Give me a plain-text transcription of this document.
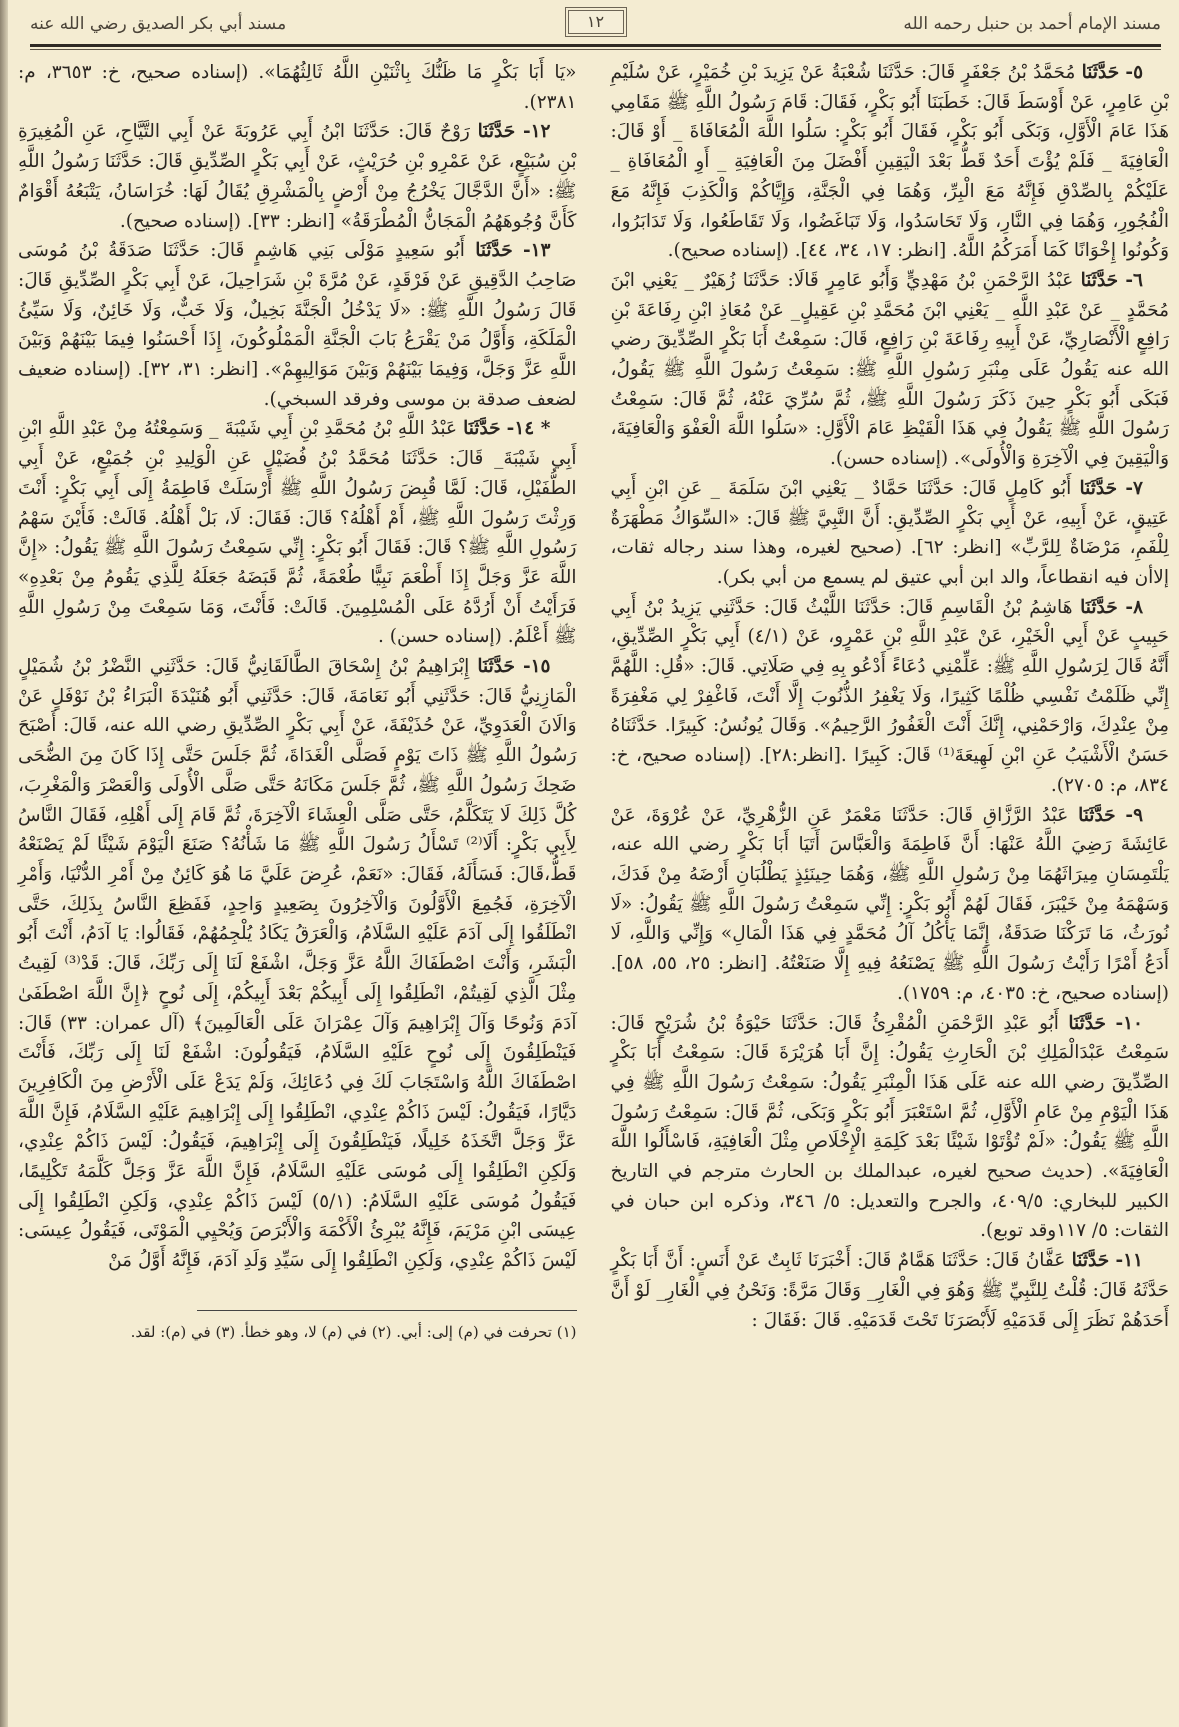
مسند الإمام أحمد بن حنبل رحمه الله
١٢
مسند أبي بكر الصديق رضي الله عنه

٥- حَدَّثَنَا مُحَمَّدُ بْنُ جَعْفَرٍ قَالَ: حَدَّثَنَا شُعْبَةُ عَنْ يَزِيدَ بْنِ خُمَيْرٍ، عَنْ سُلَيْمِ بْنِ عَامِرٍ، عَنْ أَوْسَطَ قَالَ: خَطَبَنَا أَبُو بَكْرٍ، فَقَالَ: قَامَ رَسُولُ اللَّهِ ﷺ مَقَامِي هَذَا عَامَ الْأَوَّلِ، وَبَكَى أَبُو بَكْرٍ، فَقَالَ أَبُو بَكْرٍ: سَلُوا اللَّهَ الْمُعَافَاةَ _ أَوْ قَالَ: الْعَافِيَةَ _ فَلَمْ يُؤْتَ أَحَدٌ قَطُّ بَعْدَ الْيَقِينِ أَفْضَلَ مِنَ الْعَافِيَةِ _ أَوِ الْمُعَافَاةِ _ عَلَيْكُمْ بِالصِّدْقِ فَإِنَّهُ مَعَ الْبِرِّ، وَهُمَا فِي الْجَنَّةِ، وَإِيَّاكُمْ وَالْكَذِبَ فَإِنَّهُ مَعَ الْفُجُورِ، وَهُمَا فِي النَّارِ، وَلَا تَحَاسَدُوا، وَلَا تَبَاغَضُوا، وَلَا تَقَاطَعُوا، وَلَا تَدَابَرُوا، وَكُونُوا إِخْوَانًا كَمَا أَمَرَكُمُ اللَّهُ. [انظر: ١٧، ٣٤، ٤٤]. (إسناده صحيح).

٦- حَدَّثَنَا عَبْدُ الرَّحْمَنِ بْنُ مَهْدِيٍّ وَأَبُو عَامِرٍ قَالَا: حَدَّثَنَا زُهَيْرٌ _ يَعْنِي ابْنَ مُحَمَّدٍ _ عَنْ عَبْدِ اللَّهِ _ يَعْنِي ابْنَ مُحَمَّدِ بْنِ عَقِيلٍ_ عَنْ مُعَاذِ ابْنِ رِفَاعَةَ بْنِ رَافِعٍ الْأَنْصَارِيِّ، عَنْ أَبِيهِ رِفَاعَةَ بْنِ رَافِعٍ، قَالَ: سَمِعْتُ أَبَا بَكْرٍ الصِّدِّيقَ رضي الله عنه يَقُولُ عَلَى مِنْبَرِ رَسُولِ اللَّهِ ﷺ: سَمِعْتُ رَسُولَ اللَّهِ ﷺ يَقُولُ، فَبَكَى أَبُو بَكْرٍ حِينَ ذَكَرَ رَسُولَ اللَّهِ ﷺ، ثُمَّ سُرِّيَ عَنْهُ، ثُمَّ قَالَ: سَمِعْتُ رَسُولَ اللَّهِ ﷺ يَقُولُ فِي هَذَا الْقَيْظِ عَامَ الْأَوَّلِ: «سَلُوا اللَّهَ الْعَفْوَ وَالْعَافِيَةَ، وَالْيَقِينَ فِي الْآخِرَةِ وَالْأُولَى». (إسناده حسن).

٧- حَدَّثَنَا أَبُو كَامِلٍ قَالَ: حَدَّثَنَا حَمَّادٌ _ يَعْنِي ابْنَ سَلَمَةَ _ عَنِ ابْنِ أَبِي عَتِيقٍ، عَنْ أَبِيهِ، عَنْ أَبِي بَكْرٍ الصِّدِّيقِ: أَنَّ النَّبِيَّ ﷺ قَالَ: «السِّوَاكُ مَطْهَرَةٌ لِلْفَمِ، مَرْضَاةٌ لِلرَّبِّ» [انظر: ٦٢]. (صحيح لغيره، وهذا سند رجاله ثقات، إلاأن فيه انقطاعاً، والد ابن أبي عتيق لم يسمع من أبي بكر).

٨- حَدَّثَنَا هَاشِمُ بْنُ الْقَاسِمِ قَالَ: حَدَّثَنَا اللَّيْثُ قَالَ: حَدَّثَنِي يَزِيدُ بْنُ أَبِي حَبِيبٍ عَنْ أَبِي الْخَيْرِ، عَنْ عَبْدِ اللَّهِ بْنِ عَمْرٍو، عَنْ (٤/١) أَبِي بَكْرٍ الصِّدِّيقِ، أَنَّهُ قَالَ لِرَسُولِ اللَّهِ ﷺ: عَلِّمْنِي دُعَاءً أَدْعُو بِهِ فِي صَلَاتِي. قَالَ: «قُلِ: اللَّهُمَّ إِنِّي ظَلَمْتُ نَفْسِي ظُلْمًا كَثِيرًا، وَلَا يَغْفِرُ الذُّنُوبَ إِلَّا أَنْتَ، فَاغْفِرْ لِي مَغْفِرَةً مِنْ عِنْدِكَ، وَارْحَمْنِي، إِنَّكَ أَنْتَ الْغَفُورُ الرَّحِيمُ». وَقَالَ يُونُسُ: كَبِيرًا. حَدَّثَنَاهُ حَسَنٌ الْأَشْيَبُ عَنِ ابْنِ لَهِيعَةَ⁽¹⁾ قَالَ: كَبِيرًا .[انظر:٢٨]. (إسناده صحيح، خ: ٨٣٤، م: ٢٧٠٥).

٩- حَدَّثَنَا عَبْدُ الرَّزَّاقِ قَالَ: حَدَّثَنَا مَعْمَرٌ عَنِ الزُّهْرِيِّ، عَنْ عُرْوَةَ، عَنْ عَائِشَةَ رَضِيَ اللَّهُ عَنْهَا: أَنَّ فَاطِمَةَ وَالْعَبَّاسَ أَتَيَا أَبَا بَكْرٍ رضي الله عنه، يَلْتَمِسَانِ مِيرَاثَهُمَا مِنْ رَسُولِ اللَّهِ ﷺ، وَهُمَا حِينَئِذٍ يَطْلُبَانِ أَرْضَهُ مِنْ فَدَكَ، وَسَهْمَهُ مِنْ خَيْبَرَ، فَقَالَ لَهُمْ أَبُو بَكْرٍ: إِنِّي سَمِعْتُ رَسُولَ اللَّهِ ﷺ يَقُولُ: «لَا نُورَثُ، مَا تَرَكْنَا صَدَقَةٌ، إِنَّمَا يَأْكُلُ آلُ مُحَمَّدٍ فِي هَذَا الْمَالِ» وَإِنِّي وَاللَّهِ، لَا أَدَعُ أَمْرًا رَأَيْتُ رَسُولَ اللَّهِ ﷺ يَصْنَعُهُ فِيهِ إِلَّا صَنَعْتُهُ. [انظر: ٢٥، ٥٥، ٥٨]. (إسناده صحيح، خ: ٤٠٣٥، م: ١٧٥٩).

١٠- حَدَّثَنَا أَبُو عَبْدِ الرَّحْمَنِ الْمُقْرِئُ قَالَ: حَدَّثَنَا حَيْوَةُ بْنُ شُرَيْحٍ قَالَ: سَمِعْتُ عَبْدَالْمَلِكِ بْنَ الْحَارِثِ يَقُولُ: إِنَّ أَبَا هُرَيْرَةَ قَالَ: سَمِعْتُ أَبَا بَكْرٍ الصِّدِّيقَ رضي الله عنه عَلَى هَذَا الْمِنْبَرِ يَقُولُ: سَمِعْتُ رَسُولَ اللَّهِ ﷺ فِي هَذَا الْيَوْمِ مِنْ عَامِ الْأَوَّلِ، ثُمَّ اسْتَعْبَرَ أَبُو بَكْرٍ وَبَكَى، ثُمَّ قَالَ: سَمِعْتُ رَسُولَ اللَّهِ ﷺ يَقُولُ: «لَمْ تُؤْتَوْا شَيْئًا بَعْدَ كَلِمَةِ الْإِخْلَاصِ مِثْلَ الْعَافِيَةِ، فَاسْأَلُوا اللَّهَ الْعَافِيَةَ». (حديث صحيح لغيره، عبدالملك بن الحارث مترجم في التاريخ الكبير للبخاري: ٤٠٩/٥، والجرح والتعديل: ٥/ ٣٤٦، وذكره ابن حبان في الثقات: ٥/ ١١٧وقد توبع).

١١- حَدَّثَنَا عَفَّانُ قَالَ: حَدَّثَنَا هَمَّامٌ قَالَ: أَخْبَرَنَا ثَابِتٌ عَنْ أَنَسٍ: أَنَّ أَبَا بَكْرٍ حَدَّثَهُ قَالَ: قُلْتُ لِلنَّبِيِّ ﷺ وَهُوَ فِي الْغَارِ_ وَقَالَ مَرَّةً: وَنَحْنُ فِي الْغَارِ_ لَوْ أَنَّ أَحَدَهُمْ نَظَرَ إِلَى قَدَمَيْهِ لَأَبْصَرَنَا تَحْتَ قَدَمَيْهِ. قَالَ :فَقَالَ :

«يَا أَبَا بَكْرٍ مَا ظَنُّكَ بِاثْنَيْنِ اللَّهُ ثَالِثُهُمَا». (إسناده صحيح، خ: ٣٦٥٣، م: ٢٣٨١).

١٢- حَدَّثَنَا رَوْحٌ قَالَ: حَدَّثَنَا ابْنُ أَبِي عَرُوبَةَ عَنْ أَبِي التَّيَّاحِ، عَنِ الْمُغِيرَةِ بْنِ سُبَيْعٍ، عَنْ عَمْرِو بْنِ حُرَيْثٍ، عَنْ أَبِي بَكْرٍ الصِّدِّيقِ قَالَ: حَدَّثَنَا رَسُولُ اللَّهِ ﷺ: «أَنَّ الدَّجَّالَ يَخْرُجُ مِنْ أَرْضٍ بِالْمَشْرِقِ يُقَالُ لَهَا: خُرَاسَانُ، يَتْبَعُهُ أَقْوَامٌ كَأَنَّ وُجُوهَهُمُ الْمَجَانُّ الْمُطْرَقَةُ» [انظر: ٣٣]. (إسناده صحيح).

١٣- حَدَّثَنَا أَبُو سَعِيدٍ مَوْلَى بَنِي هَاشِمٍ قَالَ: حَدَّثَنَا صَدَقَةُ بْنُ مُوسَى صَاحِبُ الدَّقِيقِ عَنْ فَرْقَدٍ، عَنْ مُرَّةَ بْنِ شَرَاحِيلَ، عَنْ أَبِي بَكْرٍ الصِّدِّيقِ قَالَ: قَالَ رَسُولُ اللَّهِ ﷺ: «لَا يَدْخُلُ الْجَنَّةَ بَخِيلٌ، وَلَا خَبٌّ، وَلَا خَائِنٌ، وَلَا سَيِّئُ الْمَلَكَةِ، وَأَوَّلُ مَنْ يَقْرَعُ بَابَ الْجَنَّةِ الْمَمْلُوكُونَ، إِذَا أَحْسَنُوا فِيمَا بَيْنَهُمْ وَبَيْنَ اللَّهِ عَزَّ وَجَلَّ، وَفِيمَا بَيْنَهُمْ وَبَيْنَ مَوَالِيهِمْ». [انظر: ٣١، ٣٢]. (إسناده ضعيف لضعف صدقة بن موسى وفرقد السبخي).

* ١٤- حَدَّثَنَا عَبْدُ اللَّهِ بْنُ مُحَمَّدِ بْنِ أَبِي شَيْبَةَ _ وَسَمِعْتُهُ مِنْ عَبْدِ اللَّهِ ابْنِ أَبِي شَيْبَةَ_ قَالَ: حَدَّثَنَا مُحَمَّدُ بْنُ فُضَيْلٍ عَنِ الْوَلِيدِ بْنِ جُمَيْعٍ، عَنْ أَبِي الطُّفَيْلِ، قَالَ: لَمَّا قُبِضَ رَسُولُ اللَّهِ ﷺ أَرْسَلَتْ فَاطِمَةُ إِلَى أَبِي بَكْرٍ: أَنْتَ وَرِثْتَ رَسُولَ اللَّهِ ﷺ، أَمْ أَهْلُهُ؟ قَالَ: فَقَالَ: لَا، بَلْ أَهْلُهُ. قَالَتْ: فَأَيْنَ سَهْمُ رَسُولِ اللَّهِ ﷺ؟ قَالَ: فَقَالَ أَبُو بَكْرٍ: إِنِّي سَمِعْتُ رَسُولَ اللَّهِ ﷺ يَقُولُ: «إِنَّ اللَّهَ عَزَّ وَجَلَّ إِذَا أَطْعَمَ نَبِيًّا طُعْمَةً، ثُمَّ قَبَضَهُ جَعَلَهُ لِلَّذِي يَقُومُ مِنْ بَعْدِهِ» فَرَأَيْتُ أَنْ أَرُدَّهُ عَلَى الْمُسْلِمِينَ. قَالَتْ: فَأَنْتَ، وَمَا سَمِعْتَ مِنْ رَسُولِ اللَّهِ ﷺ أَعْلَمُ. (إسناده حسن) .

١٥- حَدَّثَنَا إِبْرَاهِيمُ بْنُ إِسْحَاقَ الطَّالَقَانِيُّ قَالَ: حَدَّثَنِي النَّضْرُ بْنُ شُمَيْلٍ الْمَازِنِيُّ قَالَ: حَدَّثَنِي أَبُو نَعَامَةَ، قَالَ: حَدَّثَنِي أَبُو هُنَيْدَةَ الْبَرَاءُ بْنُ نَوْفَلٍ عَنْ وَالَانَ الْعَدَوِيِّ، عَنْ حُذَيْفَةَ، عَنْ أَبِي بَكْرٍ الصِّدِّيقِ رضي الله عنه، قَالَ: أَصْبَحَ رَسُولُ اللَّهِ ﷺ ذَاتَ يَوْمٍ فَصَلَّى الْغَدَاةَ، ثُمَّ جَلَسَ حَتَّى إِذَا كَانَ مِنَ الضُّحَى ضَحِكَ رَسُولُ اللَّهِ ﷺ، ثُمَّ جَلَسَ مَكَانَهُ حَتَّى صَلَّى الْأُولَى وَالْعَصْرَ وَالْمَغْرِبَ، كُلَّ ذَلِكَ لَا يَتَكَلَّمُ، حَتَّى صَلَّى الْعِشَاءَ الْآخِرَةَ، ثُمَّ قَامَ إِلَى أَهْلِهِ، فَقَالَ النَّاسُ لِأَبِي بَكْرٍ: أَلَا⁽²⁾ تَسْأَلُ رَسُولَ اللَّهِ ﷺ مَا شَأْنُهُ؟ صَنَعَ الْيَوْمَ شَيْئًا لَمْ يَصْنَعْهُ قَطُّ،قَالَ: فَسَأَلَهُ، فَقَالَ: «نَعَمْ، عُرِضَ عَلَيَّ مَا هُوَ كَائِنٌ مِنْ أَمْرِ الدُّنْيَا، وَأَمْرِ الْآخِرَةِ، فَجُمِعَ الْأَوَّلُونَ وَالْآخِرُونَ بِصَعِيدٍ وَاحِدٍ، فَفَظِعَ النَّاسُ بِذَلِكَ، حَتَّى انْطَلَقُوا إِلَى آدَمَ عَلَيْهِ السَّلَامُ، وَالْعَرَقُ يَكَادُ يُلْجِمُهُمْ، فَقَالُوا: يَا آدَمُ، أَنْتَ أَبُو الْبَشَرِ، وَأَنْتَ اصْطَفَاكَ اللَّهُ عَزَّ وَجَلَّ، اشْفَعْ لَنَا إِلَى رَبِّكَ، قَالَ: قَدْ⁽³⁾ لَقِيتُ مِثْلَ الَّذِي لَقِيتُمْ، انْطَلِقُوا إِلَى أَبِيكُمْ بَعْدَ أَبِيكُمْ، إِلَى نُوحٍ ﴿إِنَّ اللَّهَ اصْطَفَىٰ آدَمَ وَنُوحًا وَآلَ إِبْرَاهِيمَ وَآلَ عِمْرَانَ عَلَى الْعَالَمِينَ﴾ (آل عمران: ٣٣) قَالَ: فَيَنْطَلِقُونَ إِلَى نُوحٍ عَلَيْهِ السَّلَامُ، فَيَقُولُونَ: اشْفَعْ لَنَا إِلَى رَبِّكَ، فَأَنْتَ اصْطَفَاكَ اللَّهُ وَاسْتَجَابَ لَكَ فِي دُعَائِكَ، وَلَمْ يَدَعْ عَلَى الْأَرْضِ مِنَ الْكَافِرِينَ دَيَّارًا، فَيَقُولُ: لَيْسَ ذَاكُمْ عِنْدِي، انْطَلِقُوا إِلَى إِبْرَاهِيمَ عَلَيْهِ السَّلَامُ، فَإِنَّ اللَّهَ عَزَّ وَجَلَّ اتَّخَذَهُ خَلِيلًا، فَيَنْطَلِقُونَ إِلَى إِبْرَاهِيمَ، فَيَقُولُ: لَيْسَ ذَاكُمْ عِنْدِي، وَلَكِنِ انْطَلِقُوا إِلَى مُوسَى عَلَيْهِ السَّلَامُ، فَإِنَّ اللَّهَ عَزَّ وَجَلَّ كَلَّمَهُ تَكْلِيمًا، فَيَقُولُ مُوسَى عَلَيْهِ السَّلَامُ: (٥/١) لَيْسَ ذَاكُمْ عِنْدِي، وَلَكِنِ انْطَلِقُوا إِلَى عِيسَى ابْنِ مَرْيَمَ، فَإِنَّهُ يُبْرِئُ الْأَكْمَهَ وَالْأَبْرَصَ وَيُحْيِي الْمَوْتَى، فَيَقُولُ عِيسَى: لَيْسَ ذَاكُمْ عِنْدِي، وَلَكِنِ انْطَلِقُوا إِلَى سَيِّدِ وَلَدِ آدَمَ، فَإِنَّهُ أَوَّلُ مَنْ

(١) تحرفت في (م) إلى: أبي. (٢) في (م) لا، وهو خطأ. (٣) في (م): لقد.
